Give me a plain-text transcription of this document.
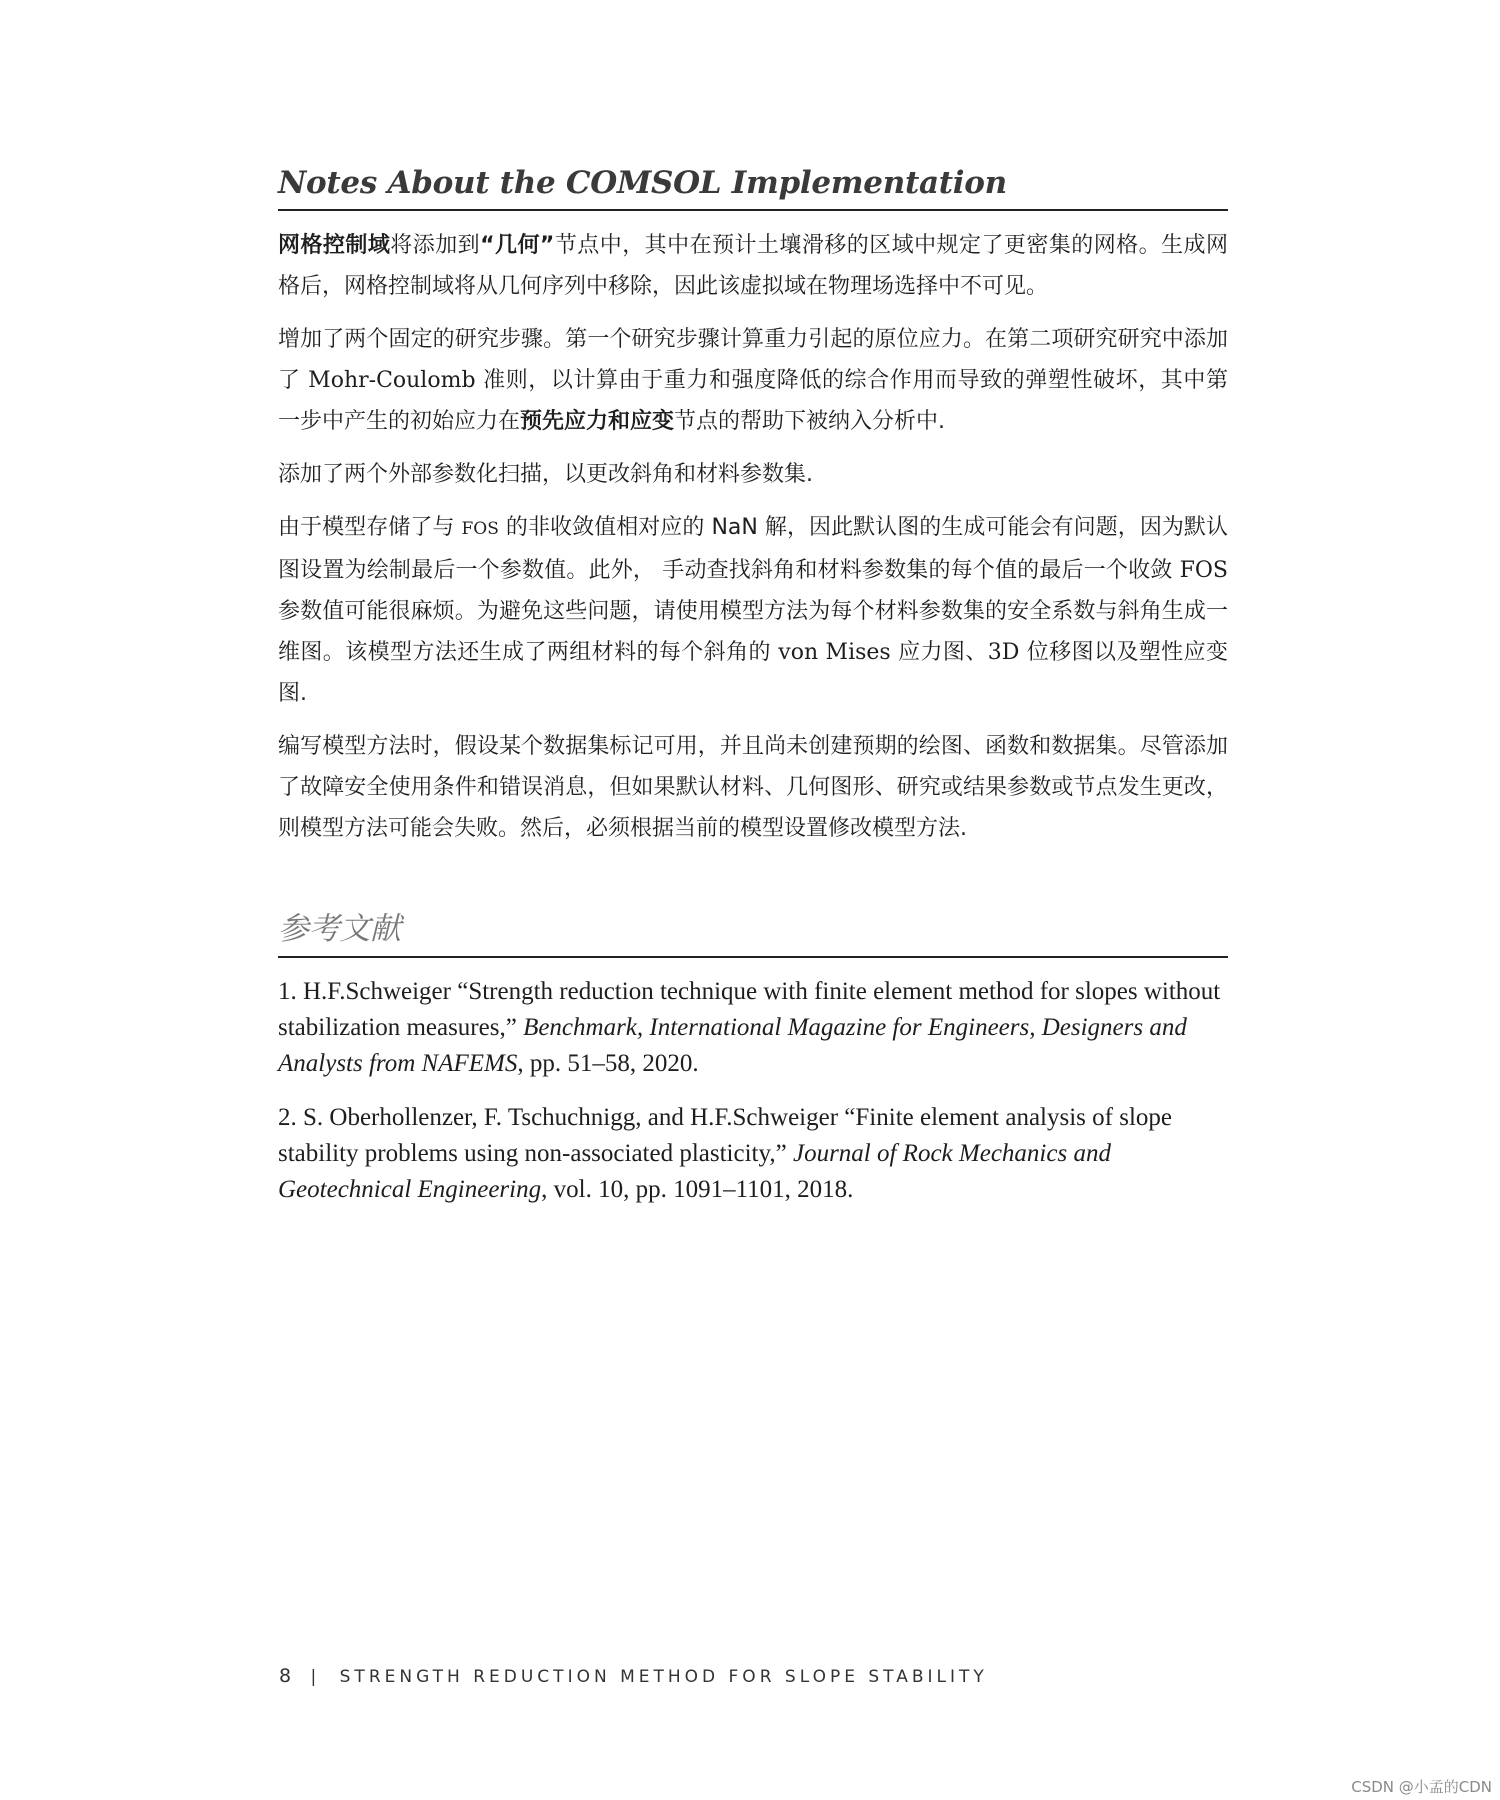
Notes About the COMSOL Implementation

网格控制域将添加到“几何”节点中，其中在预计土壤滑移的区域中规定了更密集的网格。生成网格后，网格控制域将从几何序列中移除，因此该虚拟域在物理场选择中不可见。

增加了两个固定的研究步骤。第一个研究步骤计算重力引起的原位应力。在第二项研究研究中添加了 Mohr-Coulomb 准则，以计算由于重力和强度降低的综合作用而导致的弹塑性破坏，其中第一步中产生的初始应力在预先应力和应变节点的帮助下被纳入分析中.

添加了两个外部参数化扫描，以更改斜角和材料参数集.

由于模型存储了与 FOS 的非收敛值相对应的 NaN 解，因此默认图的生成可能会有问题，因为默认图设置为绘制最后一个参数值。此外， 手动查找斜角和材料参数集的每个值的最后一个收敛 FOS 参数值可能很麻烦。为避免这些问题，请使用模型方法为每个材料参数集的安全系数与斜角生成一维图。该模型方法还生成了两组材料的每个斜角的 von Mises 应力图、3D 位移图以及塑性应变图.

编写模型方法时，假设某个数据集标记可用，并且尚未创建预期的绘图、函数和数据集。尽管添加了故障安全使用条件和错误消息，但如果默认材料、几何图形、研究或结果参数或节点发生更改，则模型方法可能会失败。然后，必须根据当前的模型设置修改模型方法.

参考文献

1. H.F.Schweiger “Strength reduction technique with finite element method for slopes without stabilization measures,” Benchmark, International Magazine for Engineers, Designers and Analysts from NAFEMS, pp. 51–58, 2020.

2. S. Oberhollenzer, F. Tschuchnigg, and H.F.Schweiger “Finite element analysis of slope stability problems using non-associated plasticity,” Journal of Rock Mechanics and Geotechnical Engineering, vol. 10, pp. 1091–1101, 2018.

8 | STRENGTH REDUCTION METHOD FOR SLOPE STABILITY
CSDN @小孟的CDN
